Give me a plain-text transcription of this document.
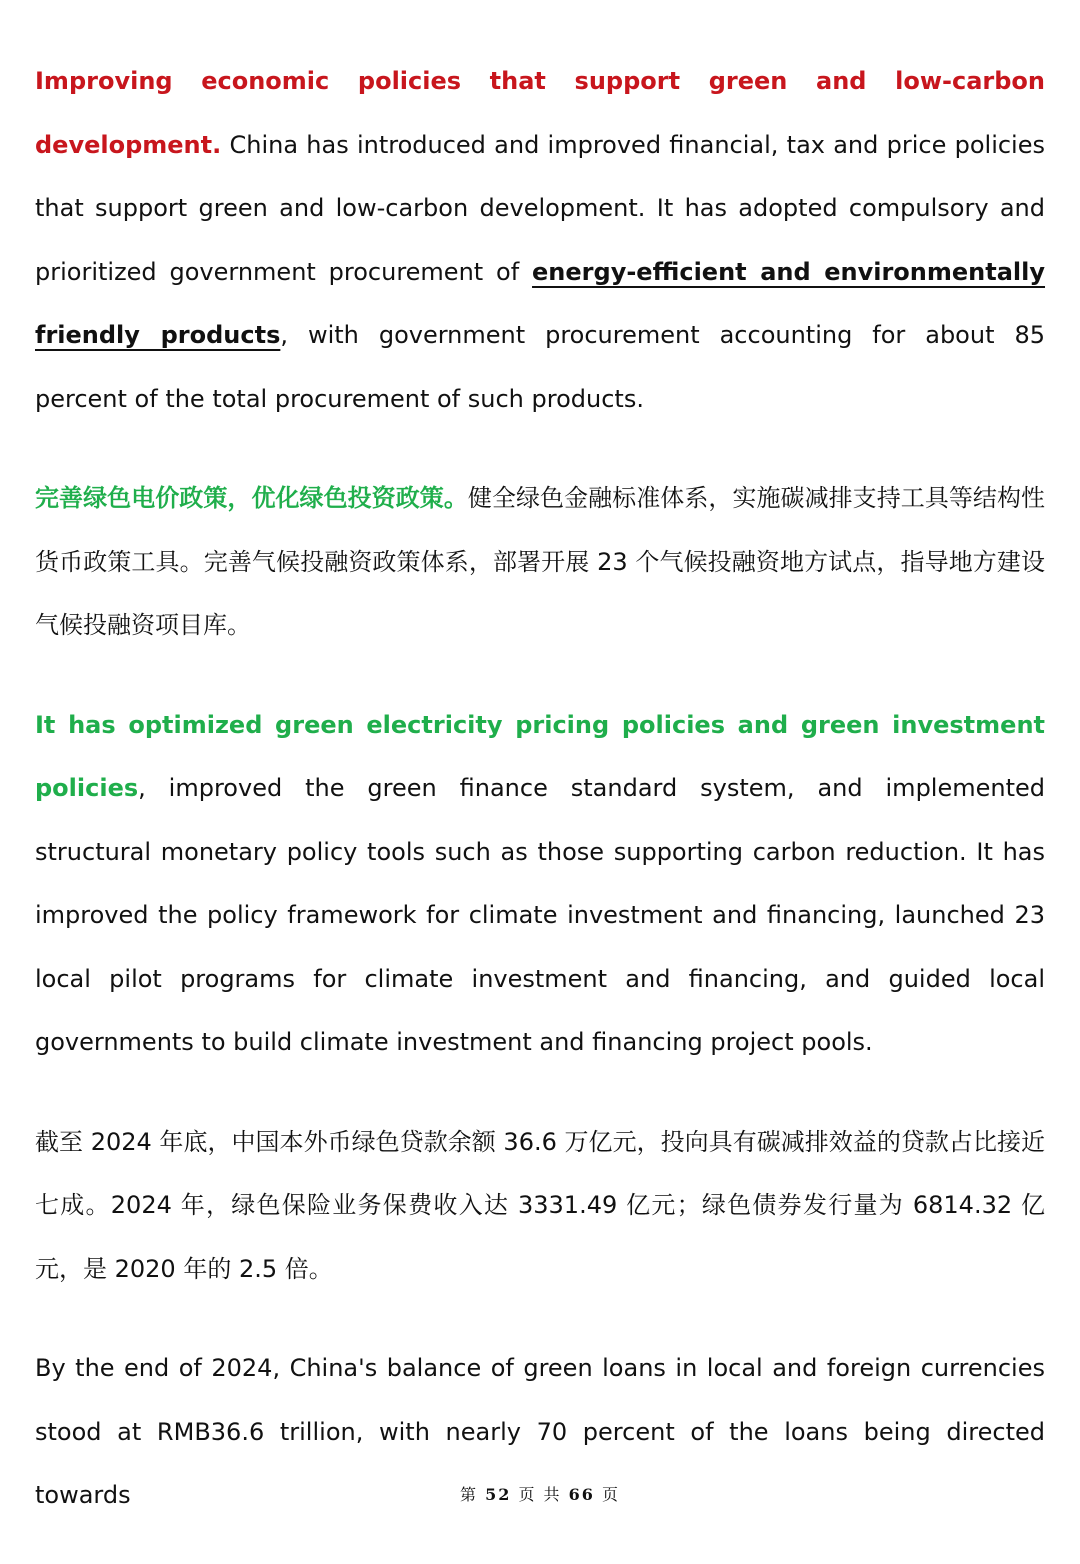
Improving economic policies that support green and low-carbon development. China has introduced and improved financial, tax and price policies that support green and low-carbon development. It has adopted compulsory and prioritized government procurement of energy-efficient and environmentally friendly products, with government procurement accounting for about 85 percent of the total procurement of such products.

完善绿色电价政策，优化绿色投资政策。健全绿色金融标准体系，实施碳减排支持工具等结构性货币政策工具。完善气候投融资政策体系，部署开展 23 个气候投融资地方试点，指导地方建设气候投融资项目库。

It has optimized green electricity pricing policies and green investment policies, improved the green finance standard system, and implemented structural monetary policy tools such as those supporting carbon reduction. It has improved the policy framework for climate investment and financing, launched 23 local pilot programs for climate investment and financing, and guided local governments to build climate investment and financing project pools.

截至 2024 年底，中国本外币绿色贷款余额 36.6 万亿元，投向具有碳减排效益的贷款占比接近七成。2024 年，绿色保险业务保费收入达 3331.49 亿元；绿色债券发行量为 6814.32 亿元，是 2020 年的 2.5 倍。

By the end of 2024, China's balance of green loans in local and foreign currencies stood at RMB36.6 trillion, with nearly 70 percent of the loans being directed towards	第 52 页 共 66 页
